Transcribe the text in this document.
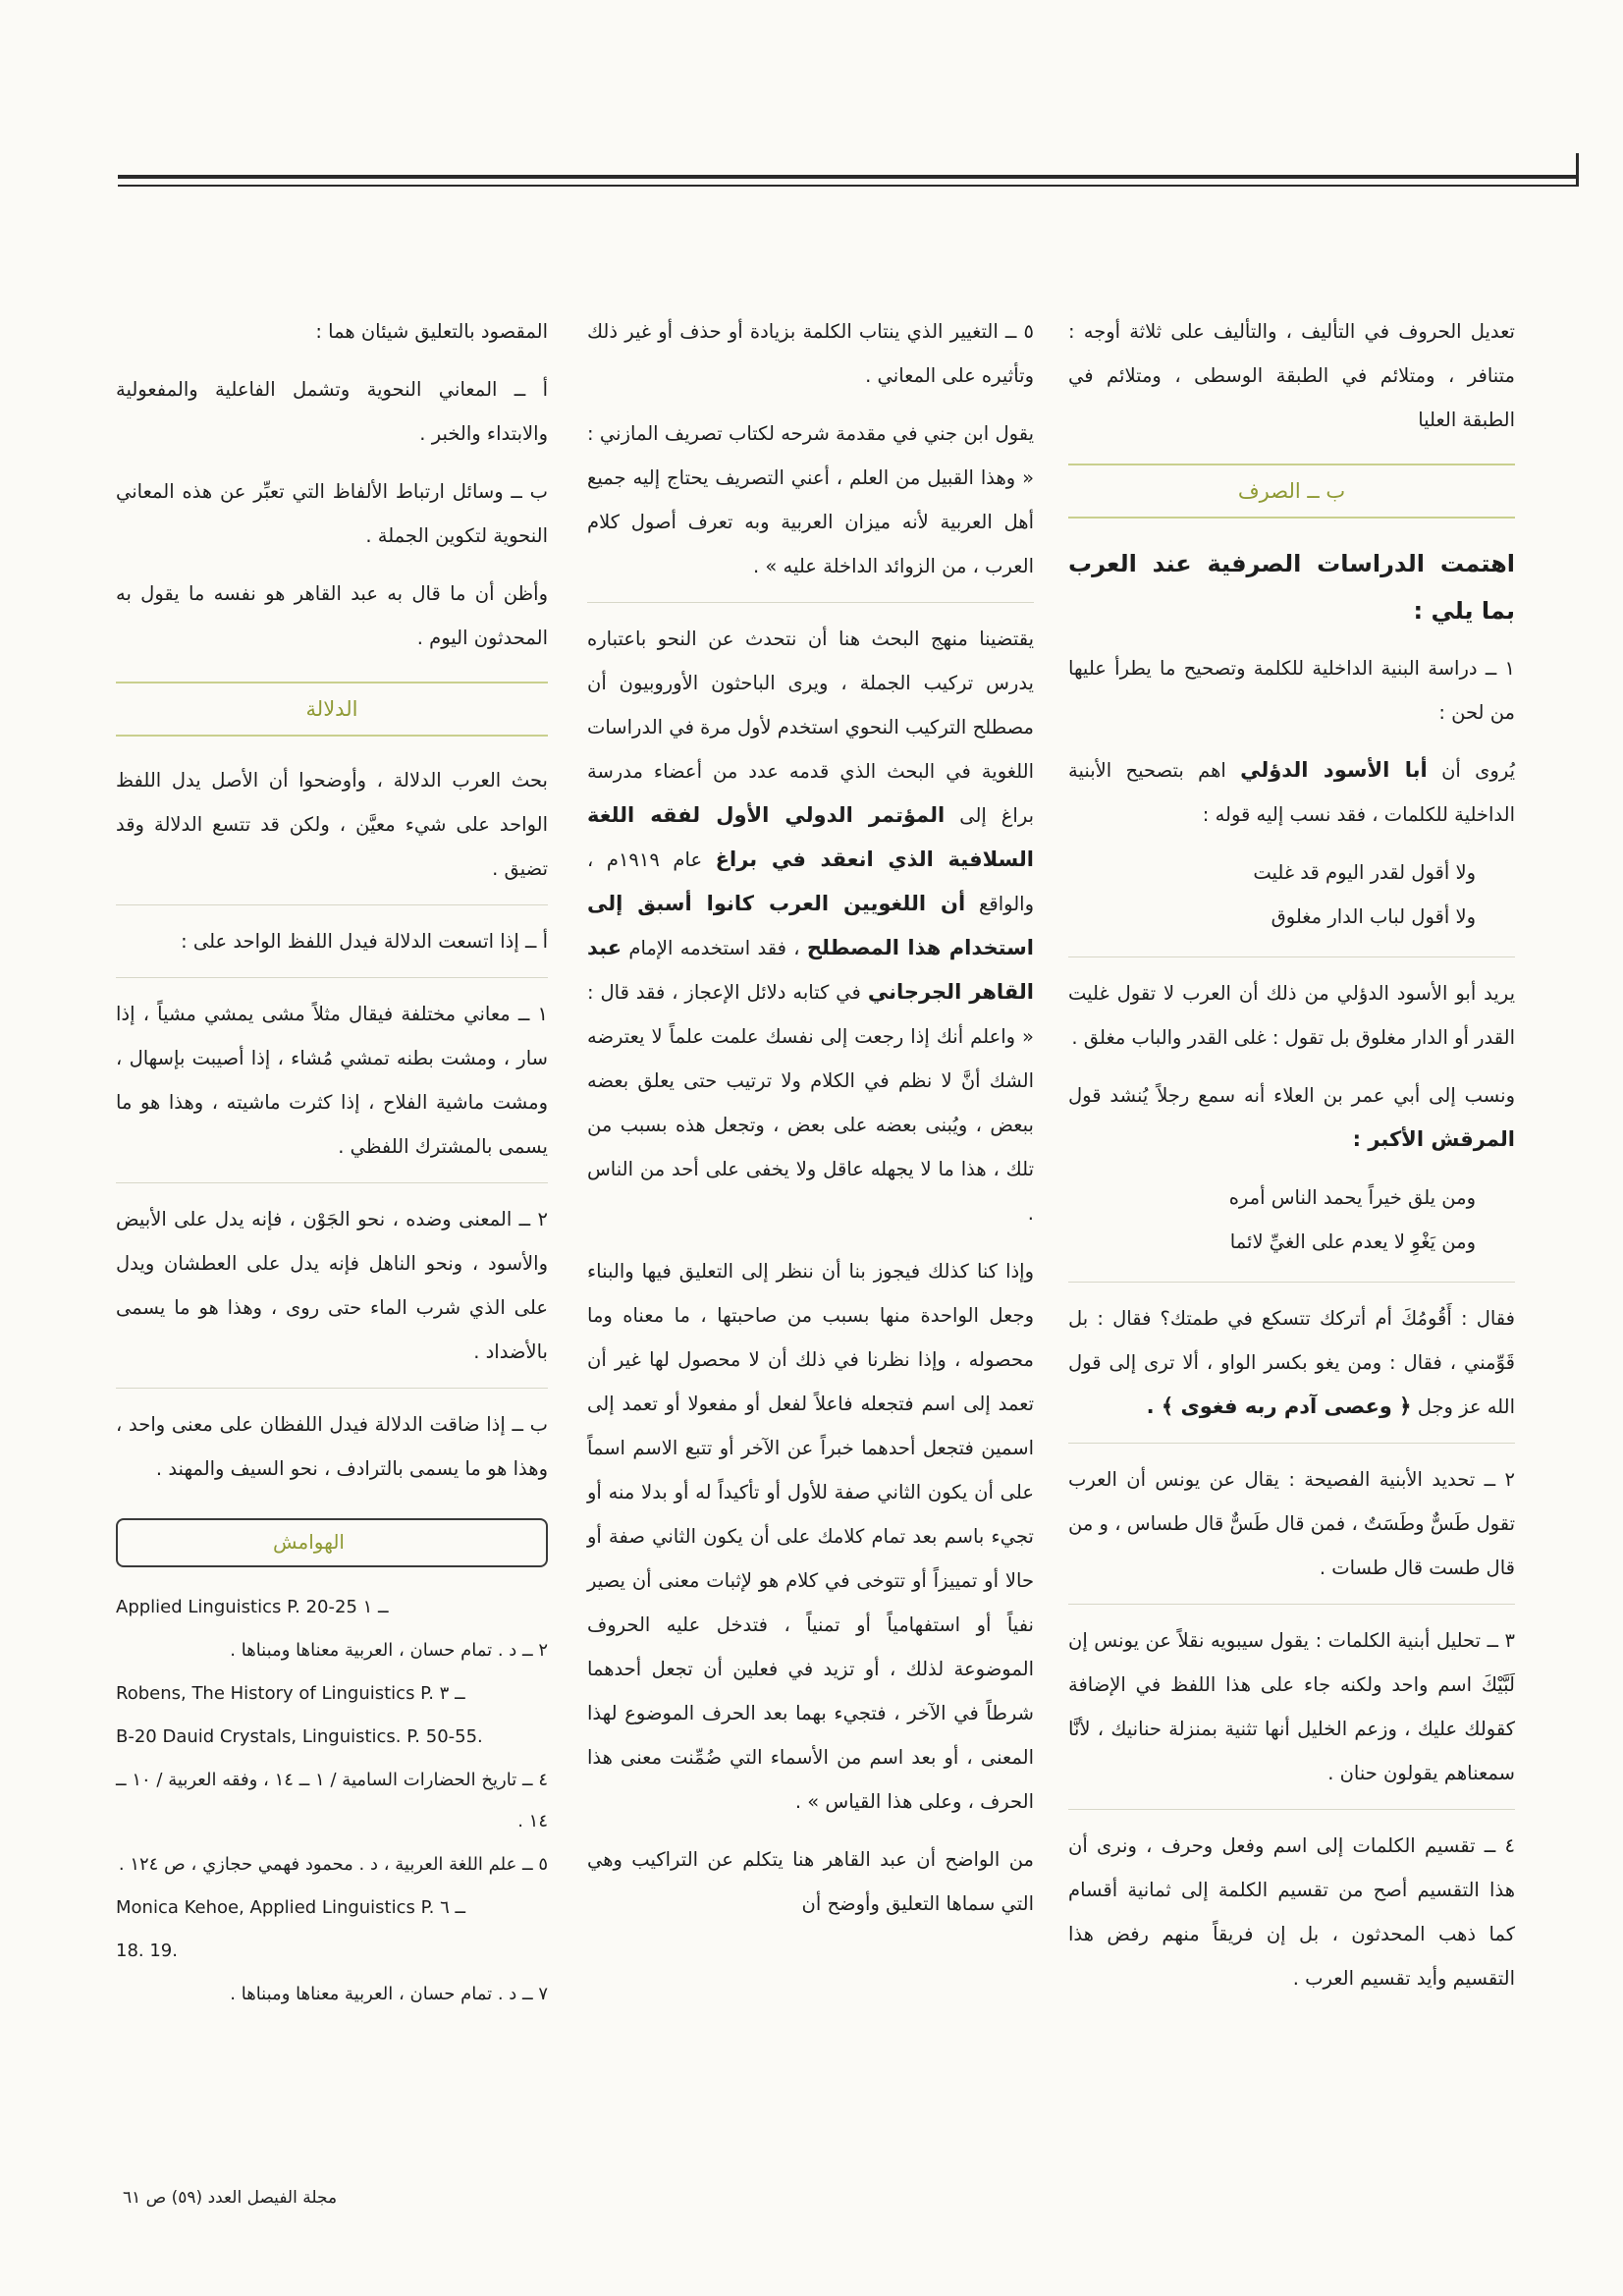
تعديل الحروف في التأليف ، والتأليف على ثلاثة أوجه : متنافر ، ومتلائم في الطبقة الوسطى ، ومتلائم في الطبقة العليا

ب ــ الصرف
اهتمت الدراسات الصرفية عند العرب بما يلي :

١ ــ دراسة البنية الداخلية للكلمة وتصحيح ما يطرأ عليها من لحن :

يُروى أن أبا الأسود الدؤلي اهم بتصحيح الأبنية الداخلية للكلمات ، فقد نسب إليه قوله :

ولا أقول لقدر اليوم قد غليت
ولا أقول لباب الدار مغلوق

يريد أبو الأسود الدؤلي من ذلك أن العرب لا تقول غليت القدر أو الدار مغلوق بل تقول : غلى القدر والباب مغلق .

ونسب إلى أبي عمر بن العلاء أنه سمع رجلاً يُنشد قول المرقش الأكبر :

ومن يلق خيراً يحمد الناس أمره
ومن يَغْوِ لا يعدم على الغيِّ لائما

فقال : أَقُومُكَ أم أتركك تتسكع في طمتك؟ فقال : بل قَوِّمني ، فقال : ومن يغو بكسر الواو ، ألا ترى إلى قول الله عز وجل ﴿ وعصى آدم ربه فغوى ﴾ .

٢ ــ تحديد الأبنية الفصيحة : يقال عن يونس أن العرب تقول طَسٌّ وطَسَتٌ ، فمن قال طَسٌّ قال طساس ، و من قال طست قال طسات .

٣ ــ تحليل أبنية الكلمات : يقول سيبويه نقلاً عن يونس إن لَبَّيْكَ اسم واحد ولكنه جاء على هذا اللفظ في الإضافة كقولك عليك ، وزعم الخليل أنها تثنية بمنزلة حنانيك ، لأنَّا سمعناهم يقولون حنان .

٤ ــ تقسيم الكلمات إلى اسم وفعل وحرف ، ونرى أن هذا التقسيم أصح من تقسيم الكلمة إلى ثمانية أقسام كما ذهب المحدثون ، بل إن فريقاً منهم رفض هذا التقسيم وأيد تقسيم العرب .

٥ ــ التغيير الذي ينتاب الكلمة بزيادة أو حذف أو غير ذلك وتأثيره على المعاني .

يقول ابن جني في مقدمة شرحه لكتاب تصريف المازني : « وهذا القبيل من العلم ، أعني التصريف يحتاج إليه جميع أهل العربية لأنه ميزان العربية وبه تعرف أصول كلام العرب ، من الزوائد الداخلة عليه » .

يقتضينا منهج البحث هنا أن نتحدث عن النحو باعتباره يدرس تركيب الجملة ، ويرى الباحثون الأوروبيون أن مصطلح التركيب النحوي استخدم لأول مرة في الدراسات اللغوية في البحث الذي قدمه عدد من أعضاء مدرسة براغ إلى المؤتمر الدولي الأول لفقه اللغة السلافية الذي انعقد في براغ عام ١٩١٩م ، والواقع أن اللغويين العرب كانوا أسبق إلى استخدام هذا المصطلح ، فقد استخدمه الإمام عبد القاهر الجرجاني في كتابه دلائل الإعجاز ، فقد قال : « واعلم أنك إذا رجعت إلى نفسك علمت علماً لا يعترضه الشك أنَّ لا نظم في الكلام ولا ترتيب حتى يعلق بعضه ببعض ، ويُبنى بعضه على بعض ، وتجعل هذه بسبب من تلك ، هذا ما لا يجهله عاقل ولا يخفى على أحد من الناس .

وإذا كنا كذلك فيجوز بنا أن ننظر إلى التعليق فيها والبناء وجعل الواحدة منها بسبب من صاحبتها ، ما معناه وما محصوله ، وإذا نظرنا في ذلك أن لا محصول لها غير أن تعمد إلى اسم فتجعله فاعلاً لفعل أو مفعولا أو تعمد إلى اسمين فتجعل أحدهما خبراً عن الآخر أو تتبع الاسم اسماً على أن يكون الثاني صفة للأول أو تأكيداً له أو بدلا منه أو تجيء باسم بعد تمام كلامك على أن يكون الثاني صفة أو حالا أو تمييزاً أو تتوخى في كلام هو لإثبات معنى أن يصير نفياً أو استفهامياً أو تمنياً ، فتدخل عليه الحروف الموضوعة لذلك ، أو تزيد في فعلين أن تجعل أحدهما شرطاً في الآخر ، فتجيء بهما بعد الحرف الموضوع لهذا المعنى ، أو بعد اسم من الأسماء التي ضُمِّنت معنى هذا الحرف ، وعلى هذا القياس » .

من الواضح أن عبد القاهر هنا يتكلم عن التراكيب وهي التي سماها التعليق وأوضح أن

المقصود بالتعليق شيئان هما :

أ ــ المعاني النحوية وتشمل الفاعلية والمفعولية والابتداء والخبر .

ب ــ وسائل ارتباط الألفاظ التي تعبِّر عن هذه المعاني النحوية لتكوين الجملة .

وأظن أن ما قال به عبد القاهر هو نفسه ما يقول به المحدثون اليوم .

الدلالة

بحث العرب الدلالة ، وأوضحوا أن الأصل يدل اللفظ الواحد على شيء معيَّن ، ولكن قد تتسع الدلالة وقد تضيق .

أ ــ إذا اتسعت الدلالة فيدل اللفظ الواحد على :

١ ــ معاني مختلفة فيقال مثلاً مشى يمشي مشياً ، إذا سار ، ومشت بطنه تمشي مُشاء ، إذا أصيبت بإسهال ، ومشت ماشية الفلاح ، إذا كثرت ماشيته ، وهذا هو ما يسمى بالمشترك اللفظي .

٢ ــ المعنى وضده ، نحو الجَوْن ، فإنه يدل على الأبيض والأسود ، ونحو الناهل فإنه يدل على العطشان ويدل على الذي شرب الماء حتى روى ، وهذا هو ما يسمى بالأضداد .

ب ــ إذا ضاقت الدلالة فيدل اللفظان على معنى واحد ، وهذا هو ما يسمى بالترادف ، نحو السيف والمهند .

الهوامش
Applied Linguistics P. 20-25 ــ ١
٢ ــ د . تمام حسان ، العربية معناها ومبناها .
Robens, The History of Linguistics P. ــ ٣
B-20 Dauid Crystals, Linguistics. P. 50-55.
٤ ــ تاريخ الحضارات السامية / ١ ــ ١٤ ، وفقه العربية / ١٠ ــ ١٤ .
٥ ــ علم اللغة العربية ، د . محمود فهمي حجازي ، ص ١٢٤ .
Monica Kehoe, Applied Linguistics P. ــ ٦
18. 19.
٧ ــ د . تمام حسان ، العربية معناها ومبناها .
مجلة الفيصل العدد (٥٩) ص ٦١
